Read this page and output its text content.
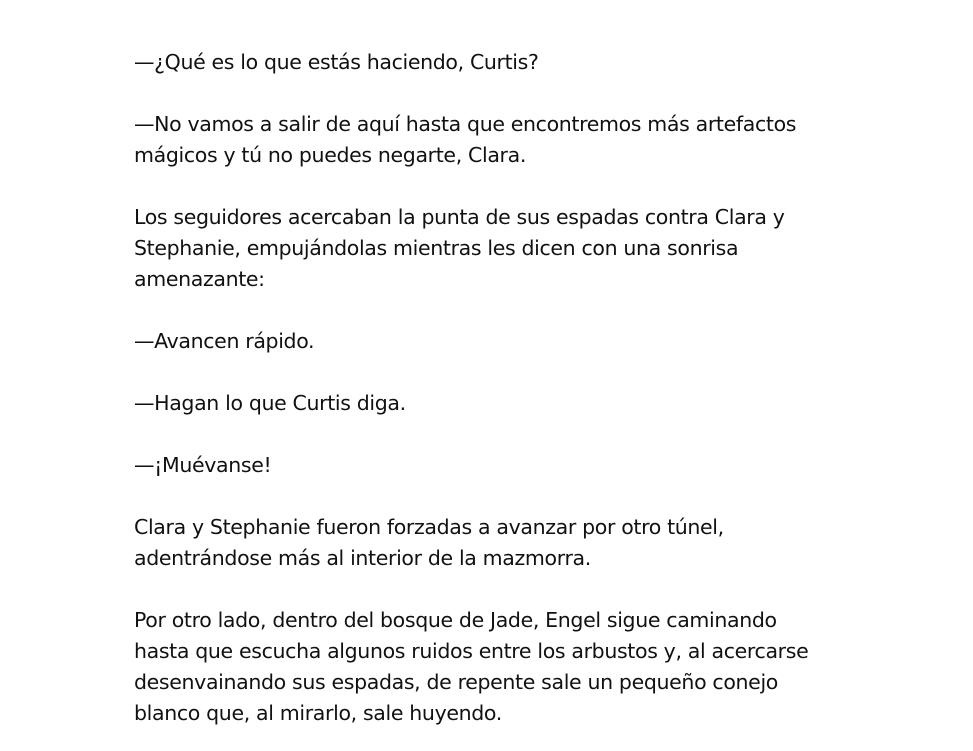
—¿Qué es lo que estás haciendo, Curtis?

—No vamos a salir de aquí hasta que encontremos más artefactos
mágicos y tú no puedes negarte, Clara.

Los seguidores acercaban la punta de sus espadas contra Clara y
Stephanie, empujándolas mientras les dicen con una sonrisa
amenazante:

—Avancen rápido.

—Hagan lo que Curtis diga.

—¡Muévanse!

Clara y Stephanie fueron forzadas a avanzar por otro túnel,
adentrándose más al interior de la mazmorra.

Por otro lado, dentro del bosque de Jade, Engel sigue caminando
hasta que escucha algunos ruidos entre los arbustos y, al acercarse
desenvainando sus espadas, de repente sale un pequeño conejo
blanco que, al mirarlo, sale huyendo.
